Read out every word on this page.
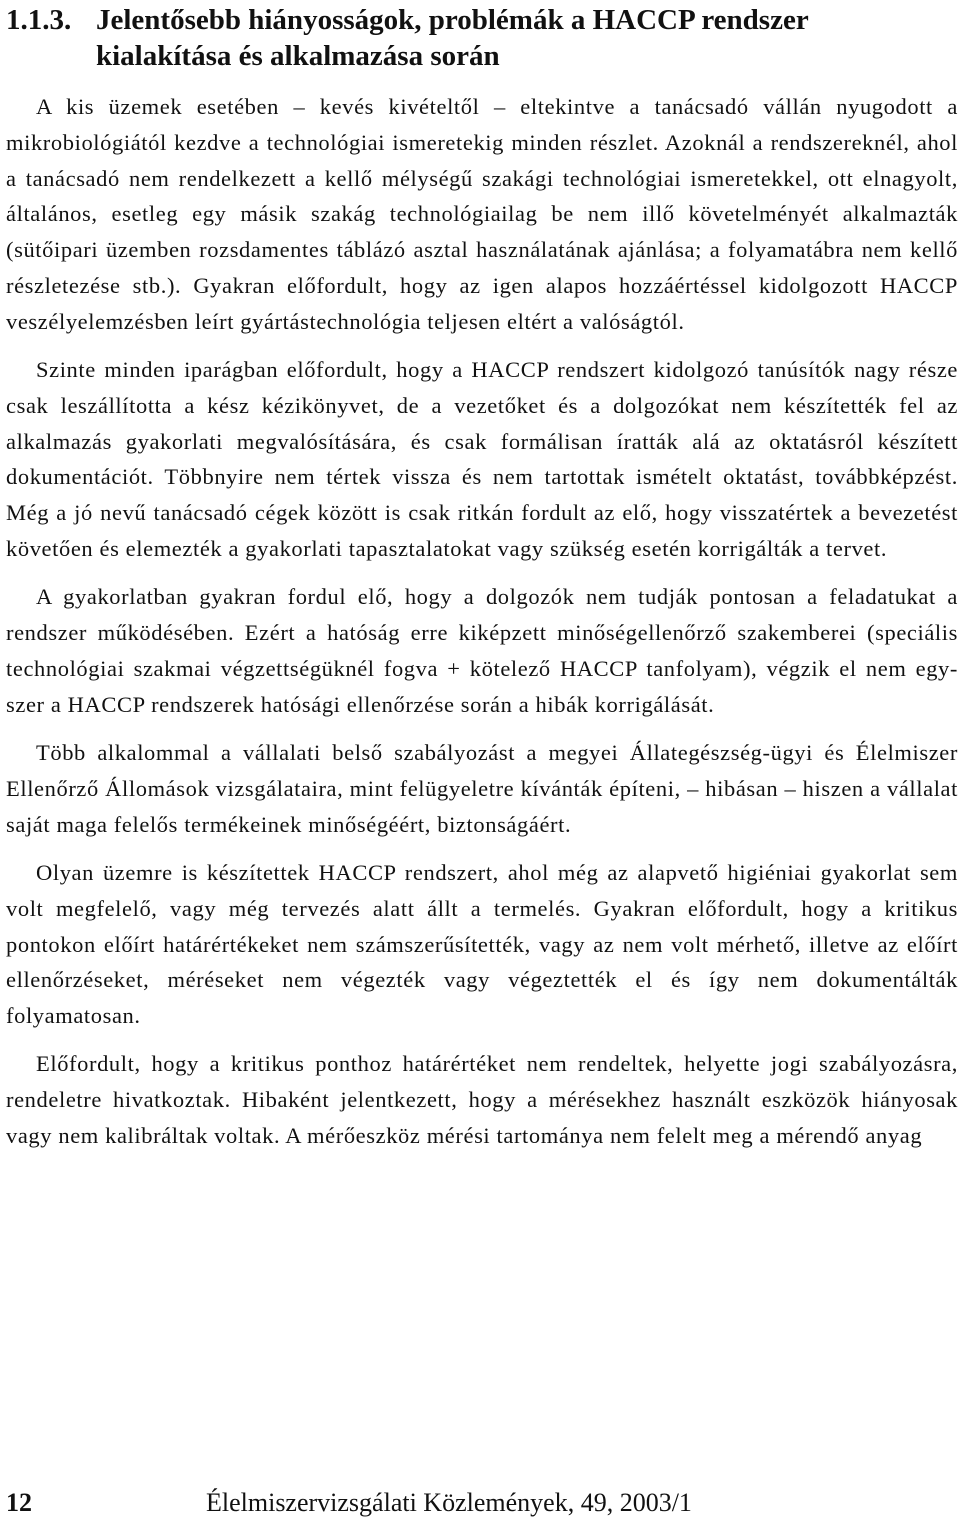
1.1.3. Jelentősebb hiányosságok, problémák a HACCP rendszer
kialakítása és alkalmazása során

A kis üzemek esetében – kevés kivételtől – eltekintve a tanácsadó vállán nyugodott a mikrobiológiától kezdve a technológiai ismeretekig minden részlet. Azoknál a rendszereknél, ahol a tanácsadó nem rendelkezett a kellő mélységű szakági technológiai ismeretekkel, ott elnagyolt, általános, esetleg egy másik szakág technológiailag be nem illő követelményét alkalmazták (sütőipari üzemben rozsdamentes táblázó asztal használatának ajánlása; a folyamatábra nem kellő részletezése stb.). Gyakran előfordult, hogy az igen alapos hozzáértéssel kidolgozott HACCP veszélyelemzésben leírt gyártástechnológia teljesen eltért a valóságtól.

Szinte minden iparágban előfordult, hogy a HACCP rendszert kidolgozó tanúsítók nagy része csak leszállította a kész kézikönyvet, de a vezetőket és a dolgozókat nem készítették fel az alkalmazás gyakorlati megvalósítására, és csak formálisan íratták alá az oktatásról készített dokumentációt. Többnyire nem tértek vissza és nem tartottak ismételt oktatást, továbbképzést. Még a jó nevű tanácsadó cégek között is csak ritkán fordult az elő, hogy visszatértek a bevezetést követően és elemezték a gyakorlati tapasztalatokat vagy szükség esetén korrigálták a tervet.

A gyakorlatban gyakran fordul elő, hogy a dolgozók nem tudják pontosan a feladatukat a rendszer működésében. Ezért a hatóság erre kiképzett minőségellenőrző szakemberei (speciális technológiai szakmai végzettségüknél fogva + kötelező HACCP tanfolyam), végzik el nem egy-szer a HACCP rendszerek hatósági ellenőrzése során a hibák korrigálását.

Több alkalommal a vállalati belső szabályozást a megyei Állategészség-ügyi és Élelmiszer Ellenőrző Állomások vizsgálataira, mint felügyeletre kívánták építeni, – hibásan – hiszen a vállalat saját maga felelős termékeinek minőségéért, biztonságáért.

Olyan üzemre is készítettek HACCP rendszert, ahol még az alapvető higiéniai gyakorlat sem volt megfelelő, vagy még tervezés alatt állt a termelés. Gyakran előfordult, hogy a kritikus pontokon előírt határértékeket nem számszerűsítették, vagy az nem volt mérhető, illetve az előírt ellenőrzéseket, méréseket nem végezték vagy végeztették el és így nem dokumentálták folyamatosan.

Előfordult, hogy a kritikus ponthoz határértéket nem rendeltek, helyette jogi szabályozásra, rendeletre hivatkoztak. Hibaként jelentkezett, hogy a mérésekhez használt eszközök hiányosak vagy nem kalibráltak voltak. A mérőeszköz mérési tartománya nem felelt meg a mérendő anyag

12	Élelmiszervizsgálati Közlemények, 49, 2003/1
